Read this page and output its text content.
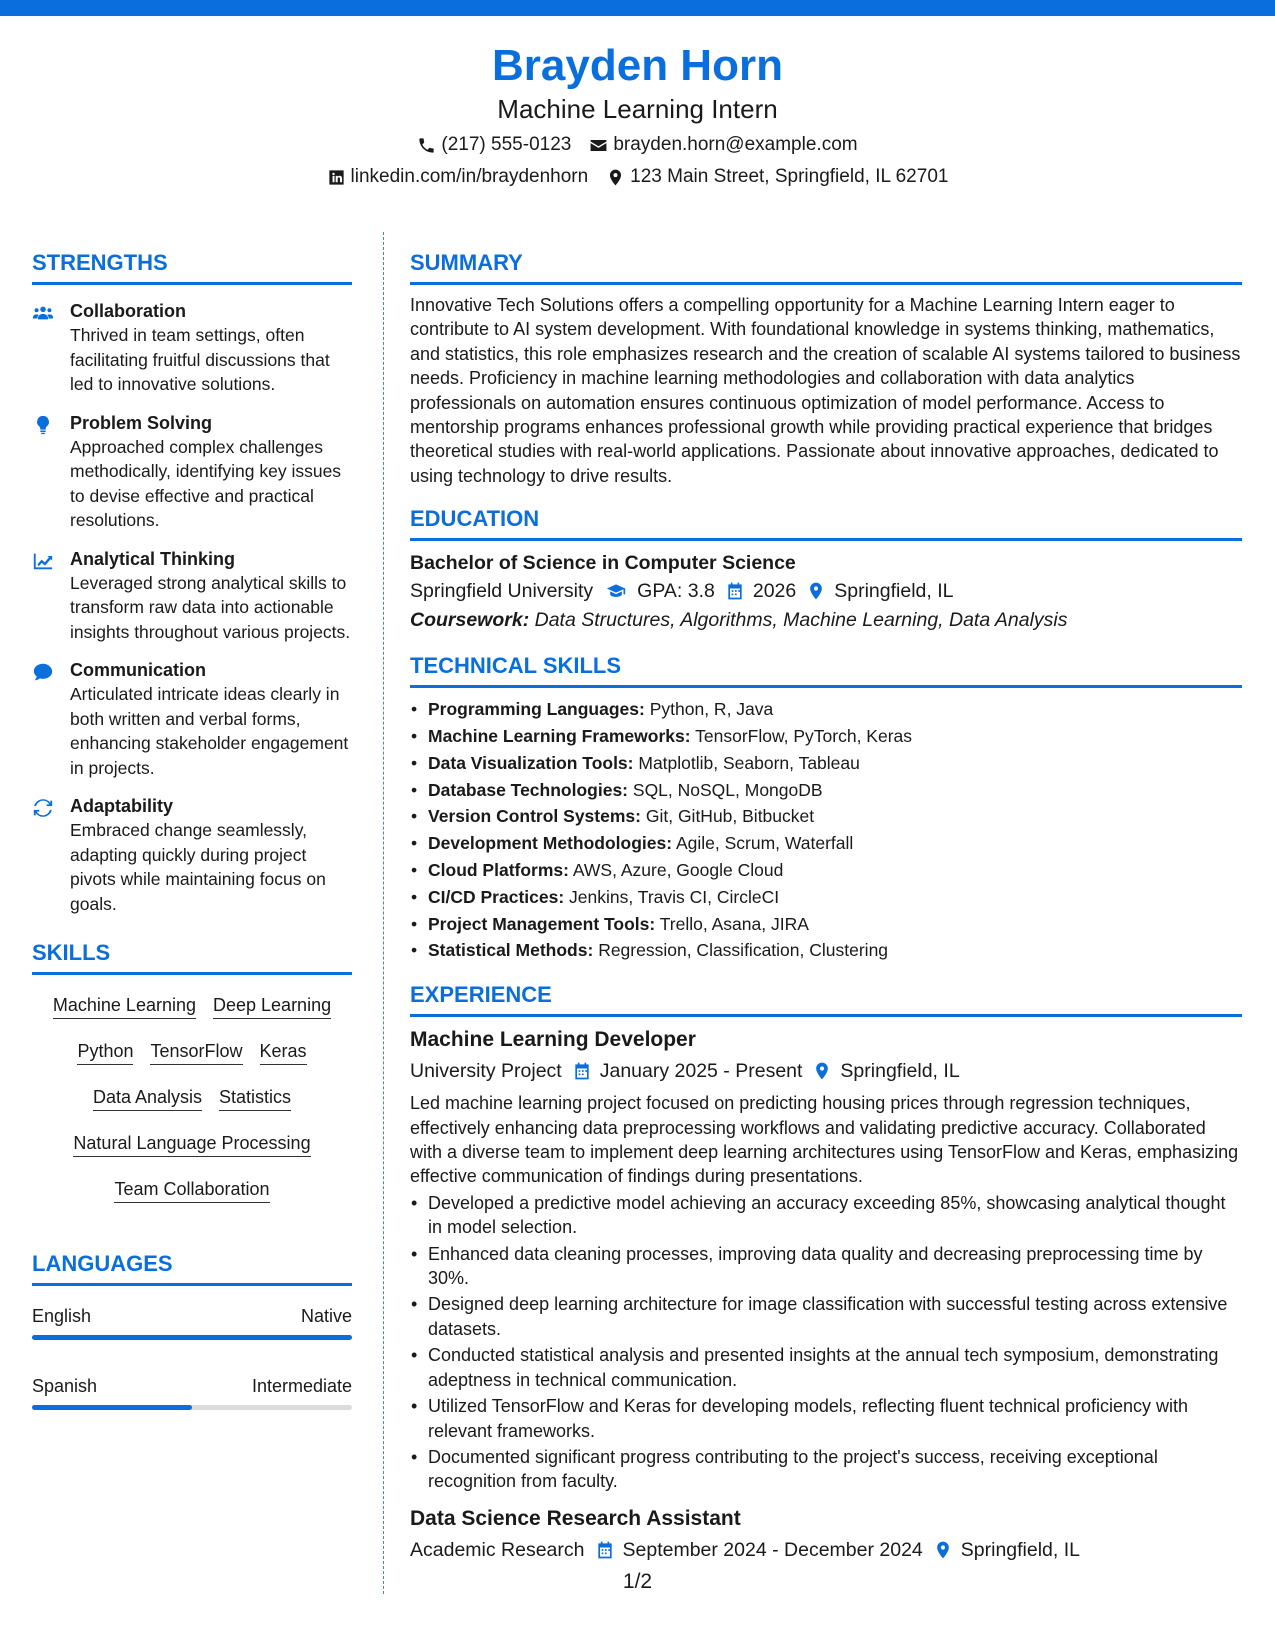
Brayden Horn
Machine Learning Intern
(217) 555-0123 brayden.horn@example.com
linkedin.com/in/braydenhorn 123 Main Street, Springfield, IL 62701
STRENGTHS
Collaboration
Thrived in team settings, often facilitating fruitful discussions that led to innovative solutions.
Problem Solving
Approached complex challenges methodically, identifying key issues to devise effective and practical resolutions.
Analytical Thinking
Leveraged strong analytical skills to transform raw data into actionable insights throughout various projects.
Communication
Articulated intricate ideas clearly in both written and verbal forms, enhancing stakeholder engagement in projects.
Adaptability
Embraced change seamlessly, adapting quickly during project pivots while maintaining focus on goals.
SKILLS
Machine Learning Deep Learning
Python TensorFlow Keras
Data Analysis Statistics
Natural Language Processing
Team Collaboration
LANGUAGES
English	Native
Spanish	Intermediate
SUMMARY
Innovative Tech Solutions offers a compelling opportunity for a Machine Learning Intern eager to contribute to AI system development. With foundational knowledge in systems thinking, mathematics, and statistics, this role emphasizes research and the creation of scalable AI systems tailored to business needs. Proficiency in machine learning methodologies and collaboration with data analytics professionals on automation ensures continuous optimization of model performance. Access to mentorship programs enhances professional growth while providing practical experience that bridges theoretical studies with real-world applications. Passionate about innovative approaches, dedicated to using technology to drive results.
EDUCATION
Bachelor of Science in Computer Science
Springfield University GPA: 3.8 2026 Springfield, IL
Coursework: Data Structures, Algorithms, Machine Learning, Data Analysis
TECHNICAL SKILLS
• Programming Languages: Python, R, Java
• Machine Learning Frameworks: TensorFlow, PyTorch, Keras
• Data Visualization Tools: Matplotlib, Seaborn, Tableau
• Database Technologies: SQL, NoSQL, MongoDB
• Version Control Systems: Git, GitHub, Bitbucket
• Development Methodologies: Agile, Scrum, Waterfall
• Cloud Platforms: AWS, Azure, Google Cloud
• CI/CD Practices: Jenkins, Travis CI, CircleCI
• Project Management Tools: Trello, Asana, JIRA
• Statistical Methods: Regression, Classification, Clustering
EXPERIENCE
Machine Learning Developer
University Project January 2025 - Present Springfield, IL
Led machine learning project focused on predicting housing prices through regression techniques, effectively enhancing data preprocessing workflows and validating predictive accuracy. Collaborated with a diverse team to implement deep learning architectures using TensorFlow and Keras, emphasizing effective communication of findings during presentations.
• Developed a predictive model achieving an accuracy exceeding 85%, showcasing analytical thought in model selection.
• Enhanced data cleaning processes, improving data quality and decreasing preprocessing time by 30%.
• Designed deep learning architecture for image classification with successful testing across extensive datasets.
• Conducted statistical analysis and presented insights at the annual tech symposium, demonstrating adeptness in technical communication.
• Utilized TensorFlow and Keras for developing models, reflecting fluent technical proficiency with relevant frameworks.
• Documented significant progress contributing to the project's success, receiving exceptional recognition from faculty.
Data Science Research Assistant
Academic Research September 2024 - December 2024 Springfield, IL
1/2
